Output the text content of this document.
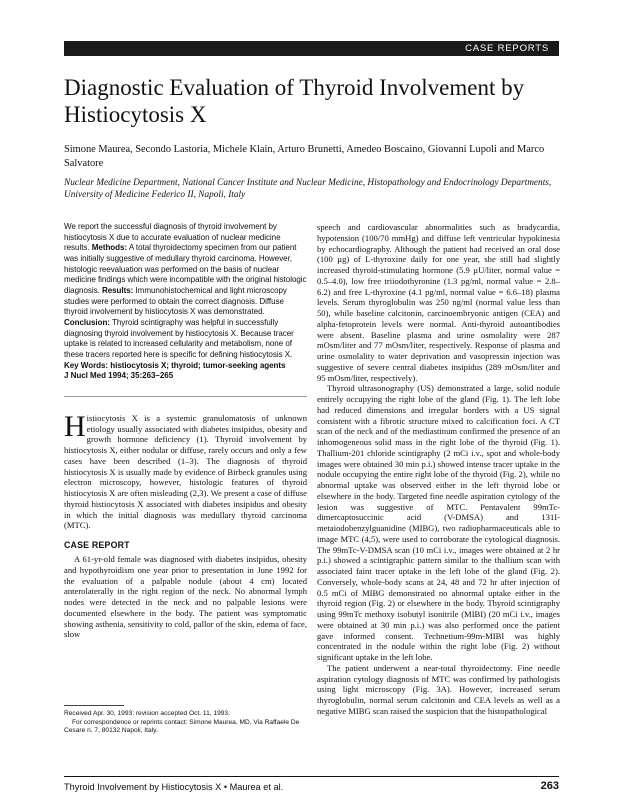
CASE REPORTS
Diagnostic Evaluation of Thyroid Involvement by Histiocytosis X
Simone Maurea, Secondo Lastoria, Michele Klain, Arturo Brunetti, Amedeo Boscaino, Giovanni Lupoli and Marco Salvatore
Nuclear Medicine Department, National Cancer Institute and Nuclear Medicine, Histopathology and Endocrinology Departments, University of Medicine Federico II, Napoli, Italy

We report the successful diagnosis of thyroid involvement by histiocytosis X due to accurate evaluation of nuclear medicine results. Methods: A total thyroidectomy specimen from our patient was initially suggestive of medullary thyroid carcinoma. However, histologic reevaluation was performed on the basis of nuclear medicine findings which were incompatible with the original histologic diagnosis. Results: Immunohistochemical and light microscopy studies were performed to obtain the correct diagnosis. Diffuse thyroid involvement by histiocytosis X was demonstrated. Conclusion: Thyroid scintigraphy was helpful in successfully diagnosing thyroid involvement by histiocytosis X. Because tracer uptake is related to increased cellularity and metabolism, none of these tracers reported here is specific for defining histiocytosis X.

Key Words: histiocytosis X; thyroid; tumor-seeking agents

J Nucl Med 1994; 35:263–265

Histiocytosis X is a systemic granulomatosis of unknown etiology usually associated with diabetes insipidus, obesity and growth hormone deficiency (1). Thyroid involvement by histiocytosis X, either nodular or diffuse, rarely occurs and only a few cases have been described (1–3). The diagnosis of thyroid histiocytosis X is usually made by evidence of Birbeck granules using electron microscopy, however, histologic features of thyroid histiocytosis X are often misleading (2,3). We present a case of diffuse thyroid histiocytosis X associated with diabetes insipidus and obesity in which the initial diagnosis was medullary thyroid carcinoma (MTC).

CASE REPORT

A 61-yr-old female was diagnosed with diabetes insipidus, obesity and hypothyroidism one year prior to presentation in June 1992 for the evaluation of a palpable nodule (about 4 cm) located anterolaterally in the right region of the neck. No abnormal lymph nodes were detected in the neck and no palpable lesions were documented elsewhere in the body. The patient was symptomatic showing asthenia, sensitivity to cold, pallor of the skin, edema of face, slow

speech and cardiovascular abnormalities such as bradycardia, hypotension (100/70 mmHg) and diffuse left ventricular hypokinesia by echocardiography. Although the patient had received an oral dose (100 µg) of L-thyroxine daily for one year, she still had slightly increased thyroid-stimulating hormone (5.9 µU/liter, normal value = 0.5–4.0), low free triiodothyronine (1.3 pg/ml, normal value = 2.8–6.2) and free L-thyroxine (4.1 pg/ml, normal value = 6.6–18) plasma levels. Serum thyroglobulin was 250 ng/ml (normal value less than 50), while baseline calcitonin, carcinoembryonic antigen (CEA) and alpha-fetoprotein levels were normal. Anti-thyroid autoantibodies were absent. Baseline plasma and urine osmolality were 287 mOsm/liter and 77 mOsm/liter, respectively. Response of plasma and urine osmolality to water deprivation and vasopressin injection was suggestive of severe central diabetes insipidus (289 mOsm/liter and 95 mOsm/liter, respectively).

Thyroid ultrasonography (US) demonstrated a large, solid nodule entirely occupying the right lobe of the gland (Fig. 1). The left lobe had reduced dimensions and irregular borders with a US signal consistent with a fibrotic structure mixed to calcification foci. A CT scan of the neck and of the mediastinum confirmed the presence of an inhomogeneous solid mass in the right lobe of the thyroid (Fig. 1). Thallium-201 chloride scintigraphy (2 mCi i.v., spot and whole-body images were obtained 30 min p.i.) showed intense tracer uptake in the nodule occupying the entire right lobe of the thyroid (Fig. 2), while no abnormal uptake was observed either in the left thyroid lobe or elsewhere in the body. Targeted fine needle aspiration cytology of the lesion was suggestive of MTC. Pentavalent 99mTc-dimercaptosuccinic acid (V-DMSA) and 131I-metaiodobenzylguanidine (MIBG), two radiopharmaceuticals able to image MTC (4,5), were used to corroborate the cytological diagnosis. The 99mTc-V-DMSA scan (10 mCi i.v., images were obtained at 2 hr p.i.) showed a scintigraphic pattern similar to the thallium scan with associated faint tracer uptake in the left lobe of the gland (Fig. 2). Conversely, whole-body scans at 24, 48 and 72 hr after injection of 0.5 mCi of MIBG demonstrated no abnormal uptake either in the thyroid region (Fig. 2) or elsewhere in the body. Thyroid scintigraphy using 99mTc methoxy isobutyl isonitrile (MIBI) (20 mCi i.v., images were obtained at 30 min p.i.) was also performed once the patient gave informed consent. Technetium-99m-MIBI was highly concentrated in the nodule within the right lobe (Fig. 2) without significant uptake in the left lobe.

The patient underwent a near-total thyroidectomy. Fine needle aspiration cytology diagnosis of MTC was confirmed by pathologists using light microscopy (Fig. 3A). However, increased serum thyroglobulin, normal serum calcitonin and CEA levels as well as a negative MIBG scan raised the suspicion that the histopathological

Received Apr. 30, 1993; revision accepted Oct. 11, 1993.

For correspondence or reprints contact: Simone Maurea, MD, Via Raffaele De Cesare n. 7, 80132 Napoli, Italy.

Thyroid Involvement by Histiocytosis X • Maurea et al.	263
